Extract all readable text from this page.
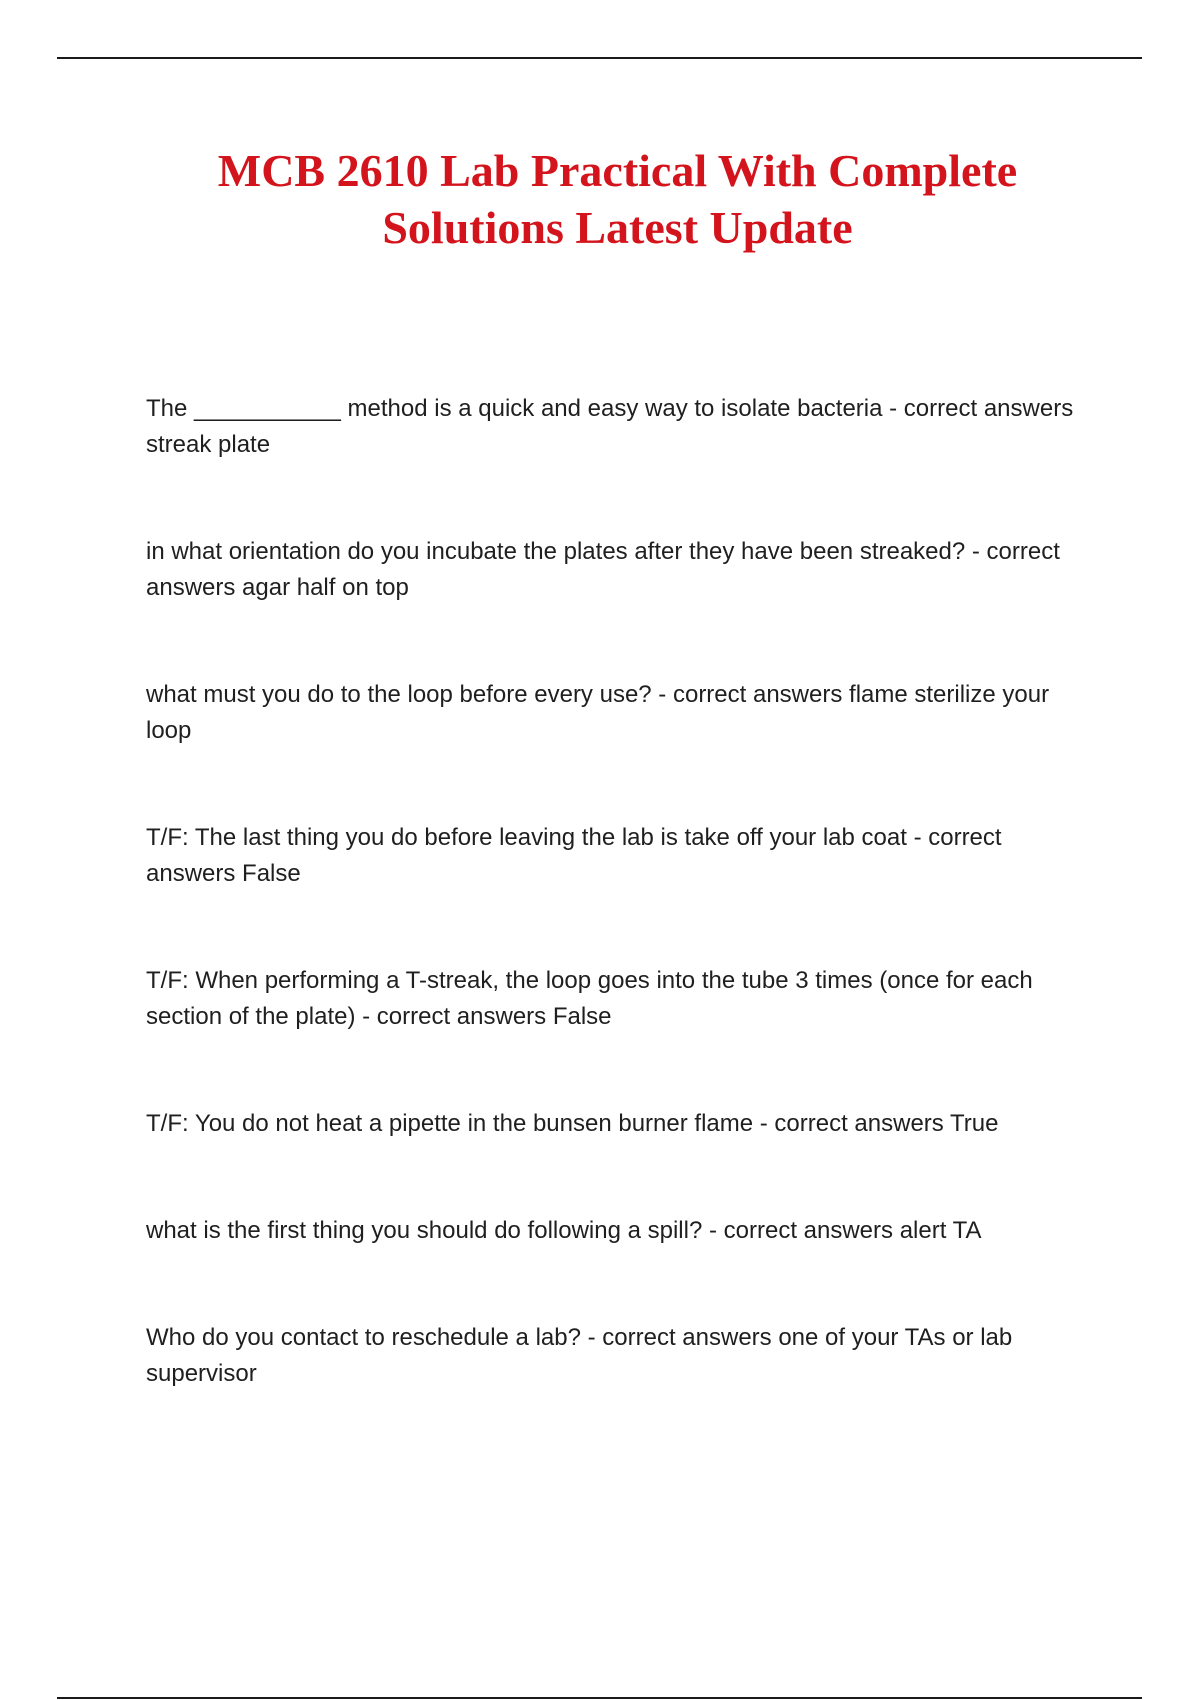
MCB 2610 Lab Practical With Complete
Solutions Latest Update
The ___________ method is a quick and easy way to isolate bacteria - correct answers streak plate
in what orientation do you incubate the plates after they have been streaked? - correct answers agar half on top
what must you do to the loop before every use? - correct answers flame sterilize your loop
T/F: The last thing you do before leaving the lab is take off your lab coat - correct answers False
T/F: When performing a T-streak, the loop goes into the tube 3 times (once for each section of the plate) - correct answers False
T/F: You do not heat a pipette in the bunsen burner flame - correct answers True
what is the first thing you should do following a spill? - correct answers alert TA
Who do you contact to reschedule a lab? - correct answers one of your TAs or lab supervisor
